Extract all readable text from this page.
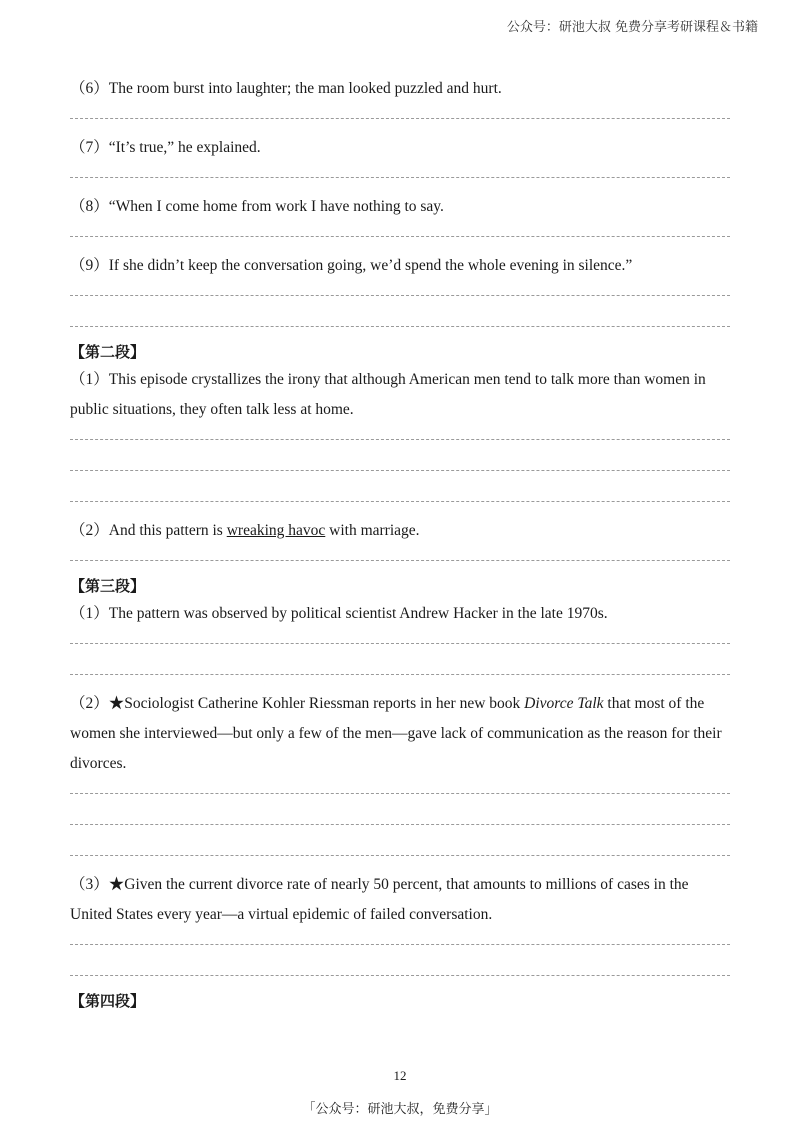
公众号：研池大叔 免费分享考研课程＆书籍
（6）The room burst into laughter; the man looked puzzled and hurt.
（7）“It’s true,” he explained.
（8）“When I come home from work I have nothing to say.
（9）If she didn’t keep the conversation going, we’d spend the whole evening in silence.”
【第二段】
（1）This episode crystallizes the irony that although American men tend to talk more than women in public situations, they often talk less at home.
（2）And this pattern is wreaking havoc with marriage.
【第三段】
（1）The pattern was observed by political scientist Andrew Hacker in the late 1970s.
（2）★Sociologist Catherine Kohler Riessman reports in her new book Divorce Talk that most of the women she interviewed—but only a few of the men—gave lack of communication as the reason for their divorces.
（3）★Given the current divorce rate of nearly 50 percent, that amounts to millions of cases in the United States every year—a virtual epidemic of failed conversation.
【第四段】
12
「公众号：研池大叔，免费分享」
